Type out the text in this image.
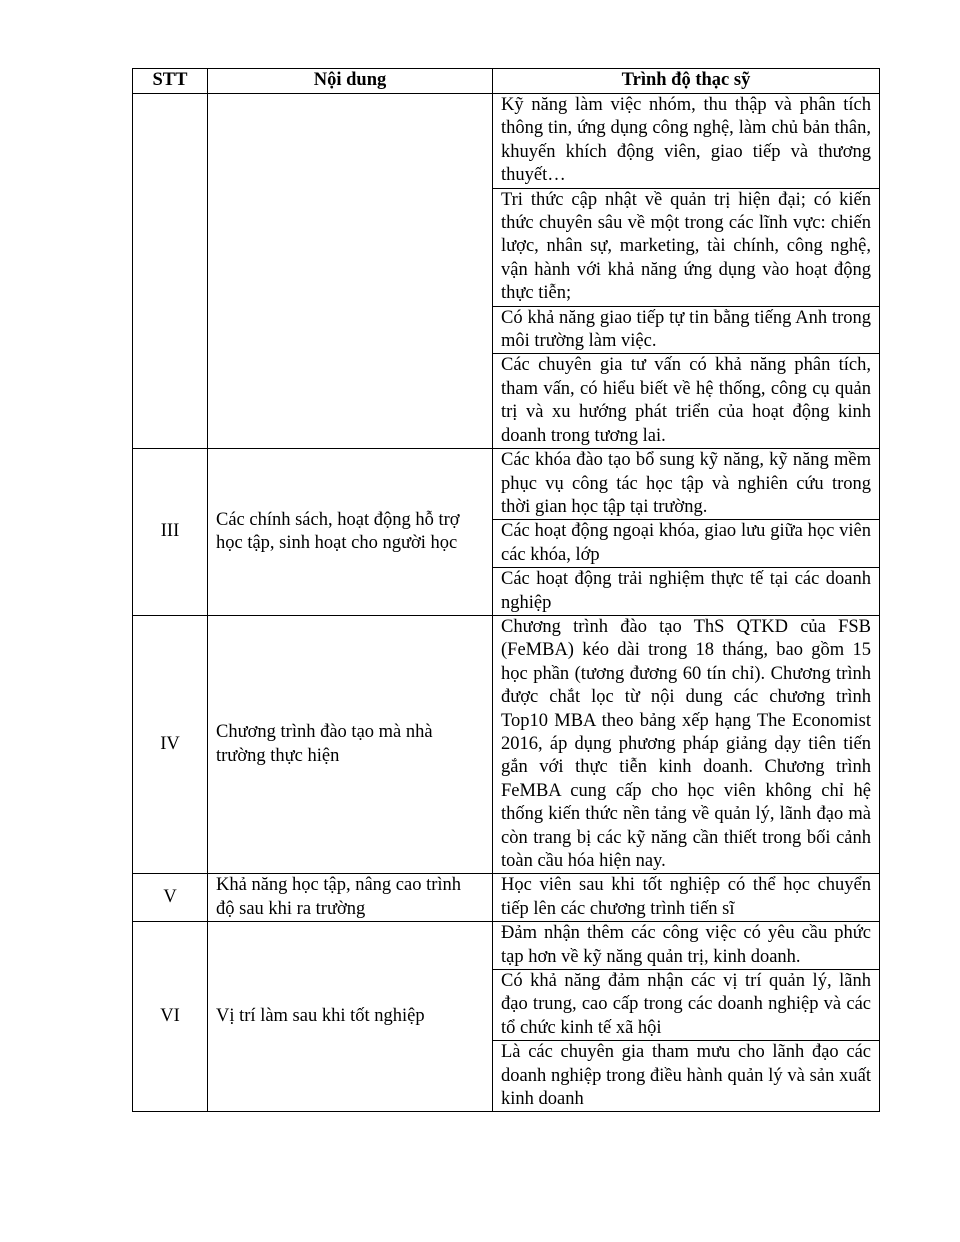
STT	Nội dung	Trình độ thạc sỹ
		Kỹ năng làm việc nhóm, thu thập và phân tích thông tin, ứng dụng công nghệ, làm chủ bản thân, khuyến khích động viên, giao tiếp và thương thuyết…
		Tri thức cập nhật về quản trị hiện đại; có kiến thức chuyên sâu về một trong các lĩnh vực: chiến lược, nhân sự, marketing, tài chính, công nghệ, vận hành với khả năng ứng dụng vào hoạt động thực tiễn;
		Có khả năng giao tiếp tự tin bằng tiếng Anh trong môi trường làm việc.
		Các chuyên gia tư vấn có khả năng phân tích, tham vấn, có hiểu biết về hệ thống, công cụ quản trị và xu hướng phát triển của hoạt động kinh doanh trong tương lai.
III	Các chính sách, hoạt động hỗ trợ học tập, sinh hoạt cho người học	Các khóa đào tạo bổ sung kỹ năng, kỹ năng mềm phục vụ công tác học tập và nghiên cứu trong thời gian học tập tại trường.
		Các hoạt động ngoại khóa, giao lưu giữa học viên các khóa, lớp
		Các hoạt động trải nghiệm thực tế tại các doanh nghiệp
IV	Chương trình đào tạo mà nhà trường thực hiện	Chương trình đào tạo ThS QTKD của FSB (FeMBA) kéo dài trong 18 tháng, bao gồm 15 học phần (tương đương 60 tín chỉ). Chương trình được chắt lọc từ nội dung các chương trình Top10 MBA theo bảng xếp hạng The Economist 2016, áp dụng phương pháp giảng dạy tiên tiến gắn với thực tiễn kinh doanh. Chương trình FeMBA cung cấp cho học viên không chỉ hệ thống kiến thức nền tảng về quản lý, lãnh đạo mà còn trang bị các kỹ năng cần thiết trong bối cảnh toàn cầu hóa hiện nay.
V	Khả năng học tập, nâng cao trình độ sau khi ra trường	Học viên sau khi tốt nghiệp có thể học chuyển tiếp lên các chương trình tiến sĩ
VI	Vị trí làm sau khi tốt nghiệp	Đảm nhận thêm các công việc có yêu cầu phức tạp hơn về kỹ năng quản trị, kinh doanh.
		Có khả năng đảm nhận các vị trí quản lý, lãnh đạo trung, cao cấp trong các doanh nghiệp và các tổ chức kinh tế xã hội
		Là các chuyên gia tham mưu cho lãnh đạo các doanh nghiệp trong điều hành quản lý và sản xuất kinh doanh
